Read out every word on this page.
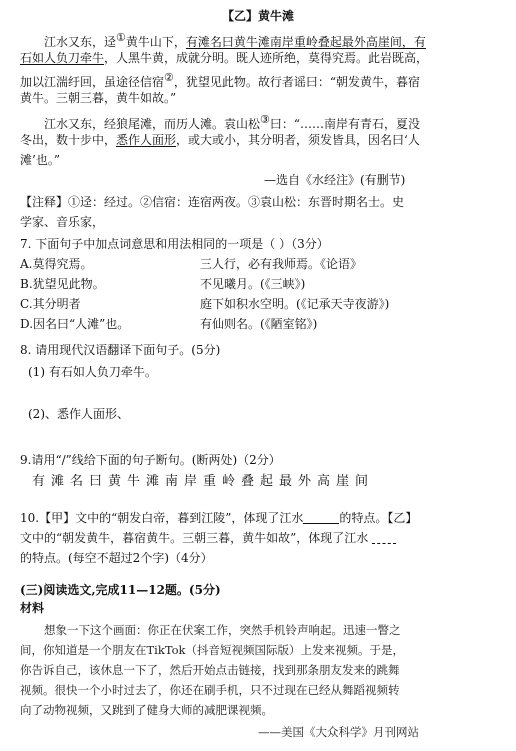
【乙】黄牛滩
江水又东，迳①黄牛山下，有滩名曰黄牛滩南岸重岭叠起最外高崖间，有
石如人负刀牵牛，人黑牛黄，成就分明。既人迹所绝，莫得究焉。此岩既高，
加以江湍纡回，虽途径信宿②，犹望见此物。故行者谣曰：“朝发黄牛，暮宿
黄牛。三朝三暮，黄牛如故。”
江水又东，经狼尾滩，而历人滩。袁山松③曰：“……南岸有青石，夏没
冬出，数十步中，悉作人面形，或大或小，其分明者，须发皆具，因名曰‘人
滩’也。”
—选自《水经注》(有删节)
【注释】①迳：经过。②信宿：连宿两夜。③袁山松：东晋时期名士。史
学家、音乐家，
7. 下面句子中加点词意思和用法相同的一项是（ ）（3分）
A.莫得究焉。	三人行，必有我师焉。《论语》
B.犹望见此物。	不见曦月。(《三峡》)
C.其分明者	庭下如积水空明。(《记承天寺夜游》)
D.因名曰“人滩”也。	有仙则名。(《陋室铭》)
8. 请用现代汉语翻译下面句子。(5分)
(1) 有石如人负刀牵牛。
(2)、悉作人面形、
9.请用“/”线给下面的句子断句。(断两处)（2分）
有滩名曰黄牛滩南岸重岭叠起最外高崖间
10.【甲】文中的“朝发白帝，暮到江陵”，体现了江水	的特点。【乙】
文中的“朝发黄牛，暮宿黄牛。三朝三暮，黄牛如故”，体现了江水
的特点。(每空不超过2个字)（4分）
(三)阅读选文,完成11—12题。(5分)
材料
想象一下这个画面：你正在伏案工作，突然手机铃声响起。迅速一瞥之
间，你知道是一个朋友在TikTok（抖音短视频国际版）上发来视频。于是，
你告诉自己，该休息一下了，然后开始点击链接，找到那条朋友发来的跳舞
视频。很快一个小时过去了，你还在刷手机，只不过现在已经从舞蹈视频转
向了动物视频，又跳到了健身大师的减肥课视频。
——美国《大众科学》月刊网站
